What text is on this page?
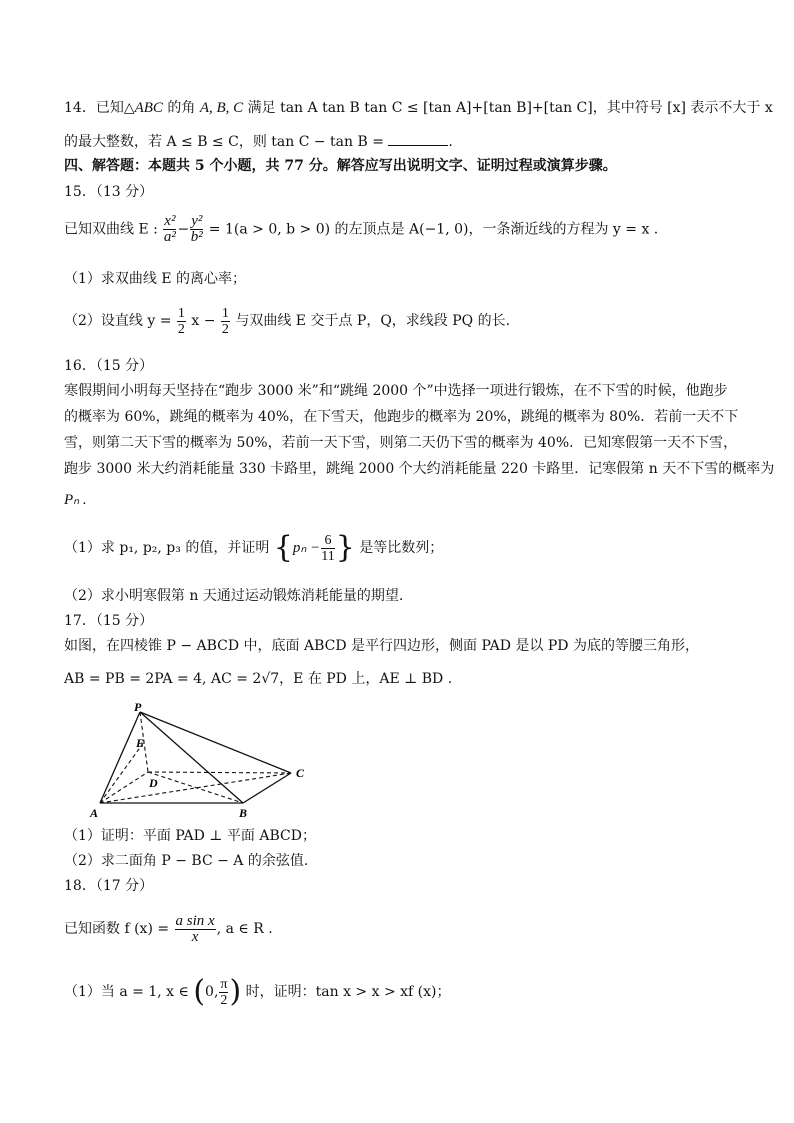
14．已知△ABC 的角 A, B, C 满足 tan A tan B tan C ≤ [tan A]+[tan B]+[tan C]，其中符号 [x] 表示不大于 x
的最大整数，若 A ≤ B ≤ C，则 tan C − tan B =	.
四、解答题：本题共 5 个小题，共 77 分。解答应写出说明文字、证明过程或演算步骤。
15．（13 分）
已知双曲线 E : $\frac{\text{x²}}{\text{a²}} - \frac{\text{y²}}{\text{b²}} = 1(a > 0$, b > 0) 的左顶点是 A(−1, 0)，一条渐近线的方程为 y = x .
（1）求双曲线 E 的离心率；
（2）设直线 $y = \frac{1}{2}$ $x - \frac{1}{2}$ 与双曲线 E 交于点 P，Q，求线段 PQ 的长.
16．（15 分）
寒假期间小明每天坚持在“跑步 3000 米”和“跳绳 2000 个”中选择一项进行锻炼，在不下雪的时候，他跑步
的概率为 60%，跳绳的概率为 40%，在下雪天，他跑步的概率为 20%，跳绳的概率为 80%．若前一天不下
雪，则第二天下雪的概率为 50%，若前一天下雪，则第二天仍下雪的概率为 40%．已知寒假第一天不下雪，
跑步 3000 米大约消耗能量 330 卡路里，跳绳 2000 个大约消耗能量 220 卡路里．记寒假第 n 天不下雪的概率为
Pₙ .
（1）求 p₁, p₂, p₃ 的值，并证明 {$p_n - \frac{6}{11}$ } 是等比数列；
（2）求小明寒假第 n 天通过运动锻炼消耗能量的期望.
17．（15 分）
如图，在四棱锥 P − ABCD 中，底面 ABCD 是平行四边形，侧面 PAD 是以 PD 为底的等腰三角形，
AB = PB = 2PA = 4, AC = 2√7，E 在 PD 上，AE ⊥ BD .
P
E
D
C
A	B
（1）证明：平面 PAD ⊥ 平面 ABCD；
（2）求二面角 P − BC − A 的余弦值.
18．（17 分）
已知函数 f $(x) = \frac{\text{a sin x}}{x}$ , a ∈ R .
（1）当 a = 1, x ∈ (0, $\frac{\pi}{2}$ ) 时，证明：tan x > x > xf (x)；
